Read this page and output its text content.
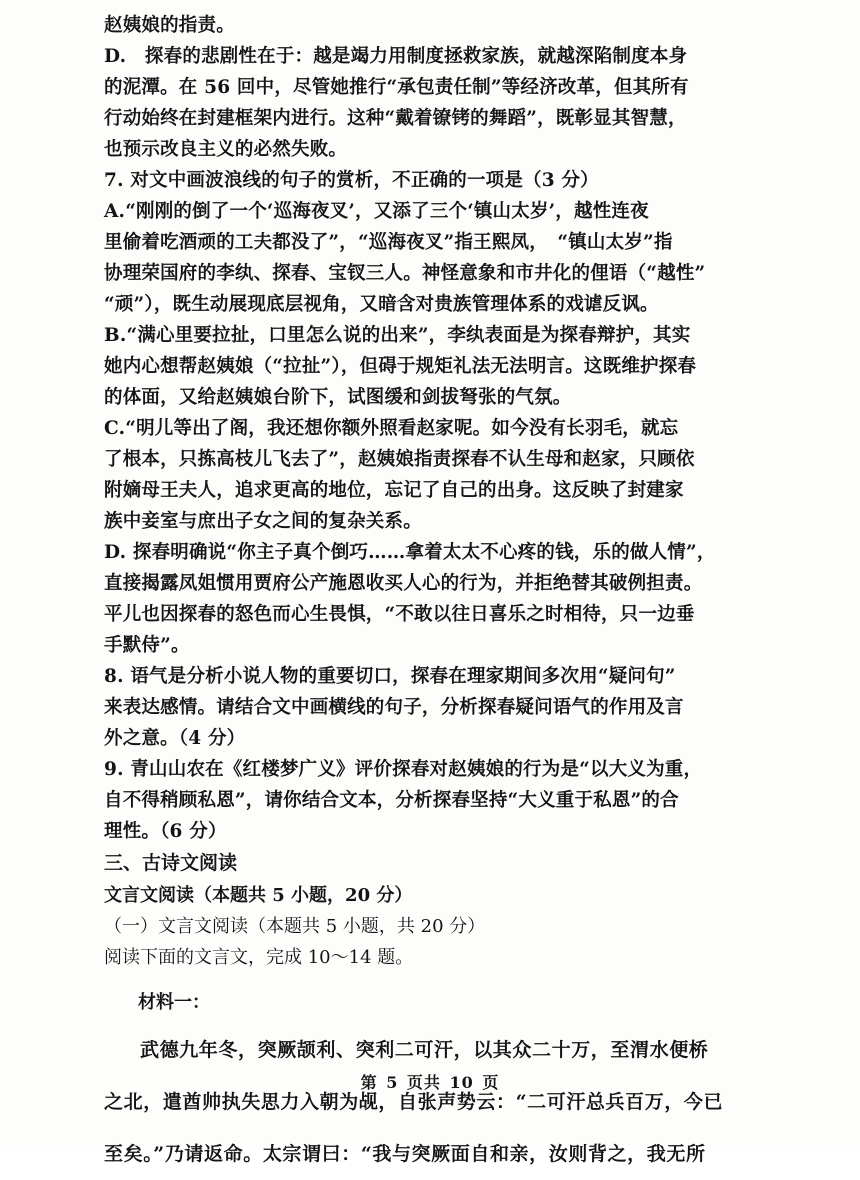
赵姨娘的指责。
D.　探春的悲剧性在于：越是竭力用制度拯救家族，就越深陷制度本身
的泥潭。在 56 回中，尽管她推行“承包责任制”等经济改革，但其所有
行动始终在封建框架内进行。这种“戴着镣铐的舞蹈”，既彰显其智慧，
也预示改良主义的必然失败。
7. 对文中画波浪线的句子的赏析，不正确的一项是（3 分）
A.“刚刚的倒了一个‘巡海夜叉’，又添了三个‘镇山太岁’，越性连夜
里偷着吃酒顽的工夫都没了”，“巡海夜叉”指王熙凤，　“镇山太岁”指
协理荣国府的李纨、探春、宝钗三人。神怪意象和市井化的俚语（“越性”
“顽”），既生动展现底层视角，又暗含对贵族管理体系的戏谑反讽。
B.“满心里要拉扯，口里怎么说的出来”，李纨表面是为探春辩护，其实
她内心想帮赵姨娘（“拉扯”），但碍于规矩礼法无法明言。这既维护探春
的体面，又给赵姨娘台阶下，试图缓和剑拔弩张的气氛。
C.“明儿等出了阁，我还想你额外照看赵家呢。如今没有长羽毛，就忘
了根本，只拣高枝儿飞去了”，赵姨娘指责探春不认生母和赵家，只顾依
附嫡母王夫人，追求更高的地位，忘记了自己的出身。这反映了封建家
族中妾室与庶出子女之间的复杂关系。
D. 探春明确说“你主子真个倒巧……拿着太太不心疼的钱，乐的做人情”，
直接揭露凤姐惯用贾府公产施恩收买人心的行为，并拒绝替其破例担责。
平儿也因探春的怒色而心生畏惧，“不敢以往日喜乐之时相待，只一边垂
手默侍”。
8. 语气是分析小说人物的重要切口，探春在理家期间多次用“疑问句”
来表达感情。请结合文中画横线的句子，分析探春疑问语气的作用及言
外之意。（4 分）
9. 青山山农在《红楼梦广义》评价探春对赵姨娘的行为是“以大义为重，
自不得稍顾私恩”，请你结合文本，分析探春坚持“大义重于私恩”的合
理性。（6 分）
三、古诗文阅读
文言文阅读（本题共 5 小题，20 分）
（一）文言文阅读（本题共 5 小题，共 20 分）
阅读下面的文言文，完成 10～14 题。
材料一：
武德九年冬，突厥颉利、突利二可汗，以其众二十万，至渭水便桥
之北，遣酋帅执失思力入朝为觇，自张声势云：“二可汗总兵百万，今已
至矣。”乃请返命。太宗谓曰：“我与突厥面自和亲，汝则背之，我无所
第 5 页共 10 页
